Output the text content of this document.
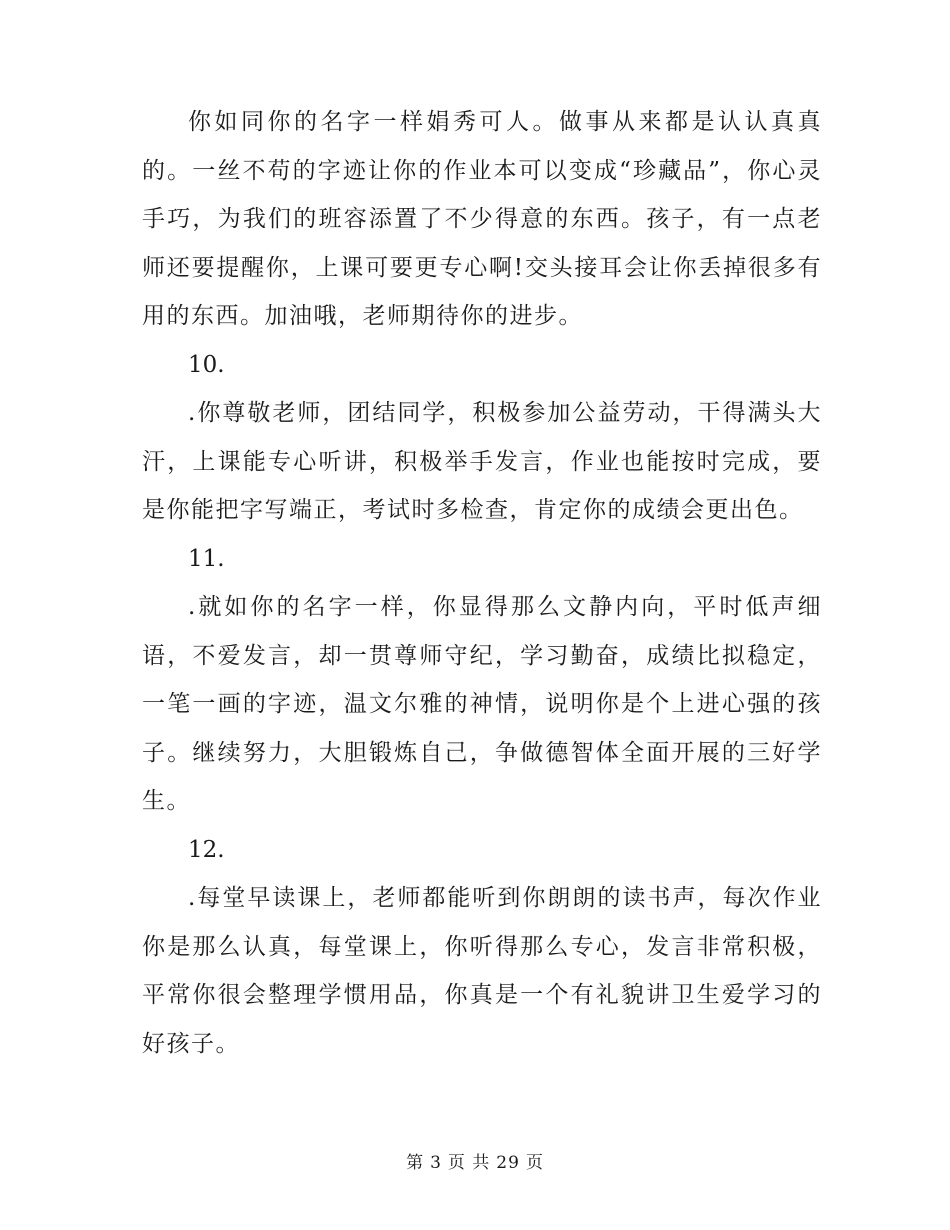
你如同你的名字一样娟秀可人。做事从来都是认认真真的。一丝不苟的字迹让你的作业本可以变成“珍藏品”，你心灵手巧，为我们的班容添置了不少得意的东西。孩子，有一点老师还要提醒你，上课可要更专心啊!交头接耳会让你丢掉很多有用的东西。加油哦，老师期待你的进步。

10.

.你尊敬老师，团结同学，积极参加公益劳动，干得满头大汗，上课能专心听讲，积极举手发言，作业也能按时完成，要是你能把字写端正，考试时多检查，肯定你的成绩会更出色。

11.

.就如你的名字一样，你显得那么文静内向，平时低声细语，不爱发言，却一贯尊师守纪，学习勤奋，成绩比拟稳定，一笔一画的字迹，温文尔雅的神情，说明你是个上进心强的孩子。继续努力，大胆锻炼自己，争做德智体全面开展的三好学生。

12.

.每堂早读课上，老师都能听到你朗朗的读书声，每次作业你是那么认真，每堂课上，你听得那么专心，发言非常积极，平常你很会整理学惯用品，你真是一个有礼貌讲卫生爱学习的好孩子。

第 3 页 共 29 页
